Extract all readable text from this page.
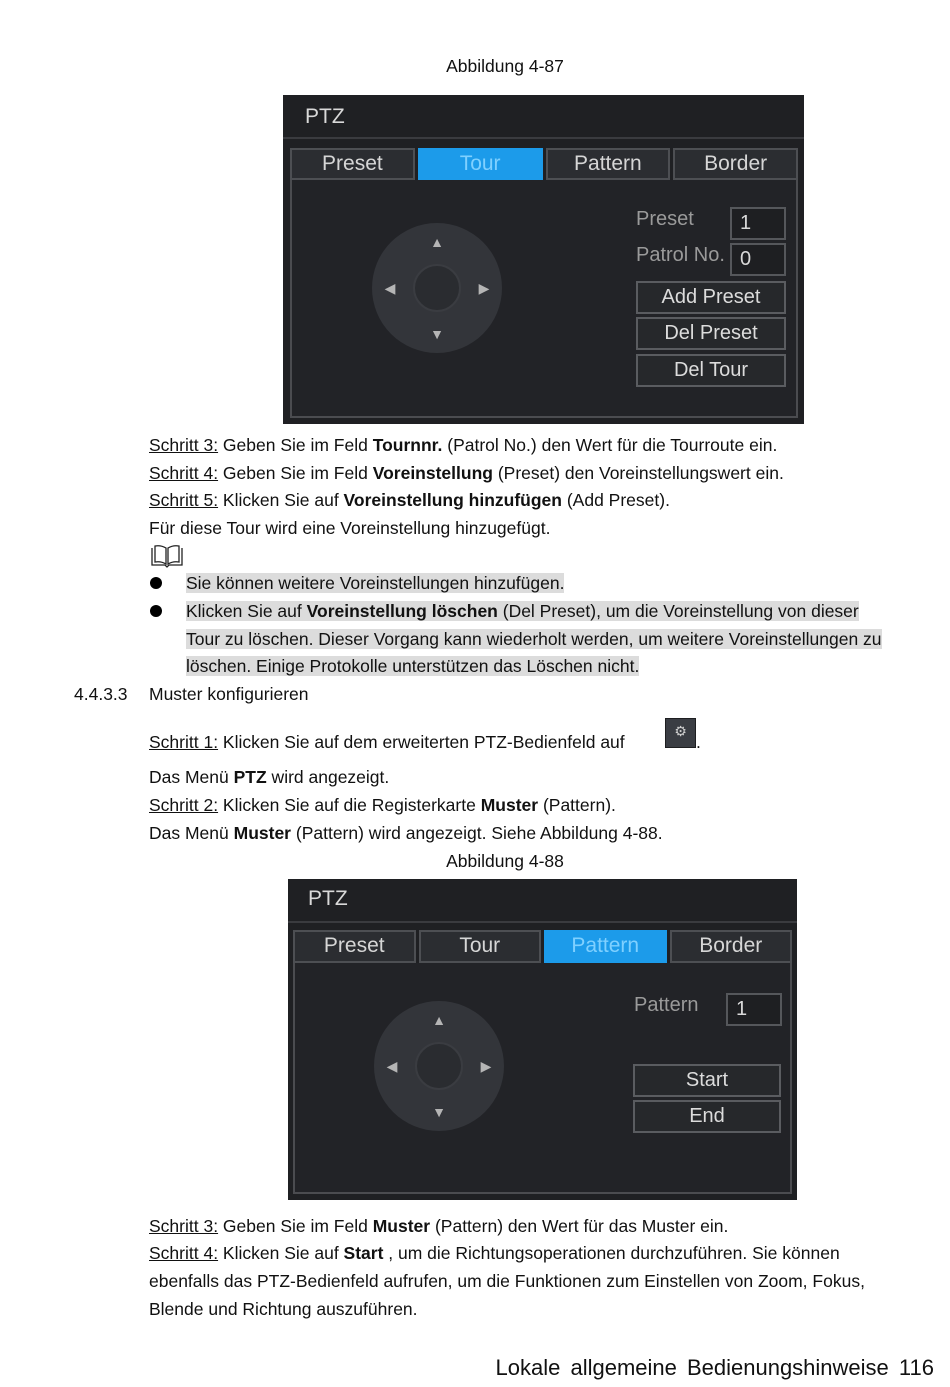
Abbildung 4-87
PTZ
Preset	Tour	Pattern	Border
▲
▼
◀	▶
Preset	1
Patrol No. 0
Add Preset
Del Preset
Del Tour
Schritt 3: Geben Sie im Feld Tournnr. (Patrol No.) den Wert für die Tourroute ein.
Schritt 4: Geben Sie im Feld Voreinstellung (Preset) den Voreinstellungswert ein.
Schritt 5: Klicken Sie auf Voreinstellung hinzufügen (Add Preset).
Für diese Tour wird eine Voreinstellung hinzugefügt.
Sie können weitere Voreinstellungen hinzufügen.
Klicken Sie auf Voreinstellung löschen (Del Preset), um die Voreinstellung von dieser
Tour zu löschen. Dieser Vorgang kann wiederholt werden, um weitere Voreinstellungen zu
löschen. Einige Protokolle unterstützen das Löschen nicht.
4.4.3.3 Muster konfigurieren
Schritt 1: Klicken Sie auf dem erweiterten PTZ-Bedienfeld auf
⚙
.
Das Menü PTZ wird angezeigt.
Schritt 2: Klicken Sie auf die Registerkarte Muster (Pattern).
Das Menü Muster (Pattern) wird angezeigt. Siehe Abbildung 4-88.
Abbildung 4-88
PTZ
Preset	Tour	Pattern	Border
▲
▼
◀	▶
Pattern	1
Start
End
Schritt 3: Geben Sie im Feld Muster (Pattern) den Wert für das Muster ein.
Schritt 4: Klicken Sie auf Start , um die Richtungsoperationen durchzuführen. Sie können
ebenfalls das PTZ-Bedienfeld aufrufen, um die Funktionen zum Einstellen von Zoom, Fokus,
Blende und Richtung auszuführen.
Lokale allgemeine Bedienungshinweise 116
